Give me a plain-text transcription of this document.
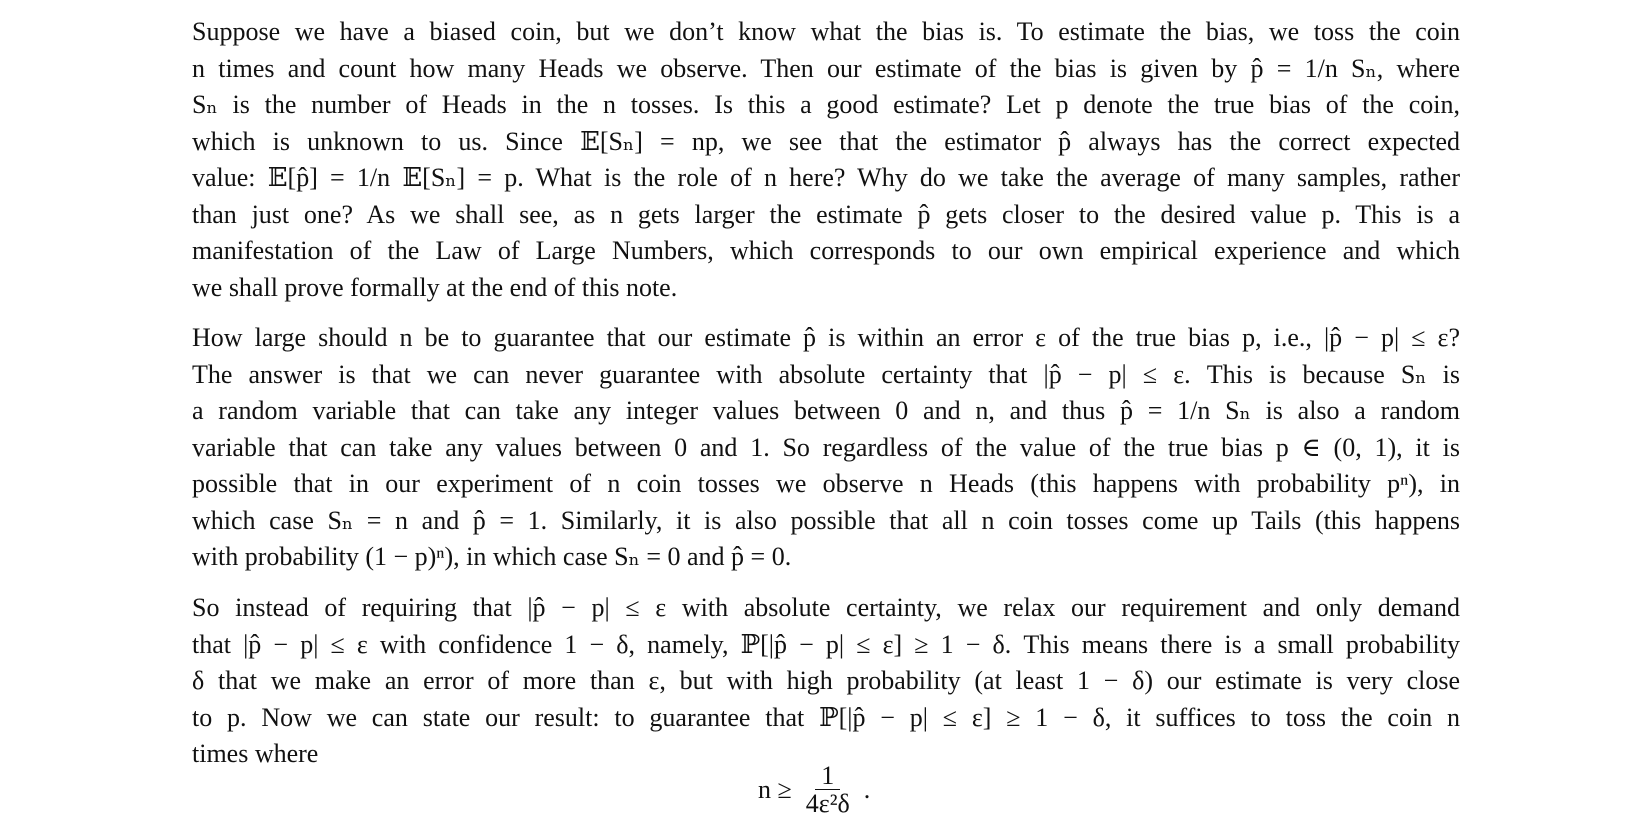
Suppose we have a biased coin, but we don’t know what the bias is. To estimate the bias, we toss the coin
n times and count how many Heads we observe. Then our estimate of the bias is given by p̂ = 1/n Sₙ, where
Sₙ is the number of Heads in the n tosses. Is this a good estimate? Let p denote the true bias of the coin,
which is unknown to us. Since 𝔼[Sₙ] = np, we see that the estimator p̂ always has the correct expected
value: 𝔼[p̂] = 1/n 𝔼[Sₙ] = p. What is the role of n here? Why do we take the average of many samples, rather
than just one? As we shall see, as n gets larger the estimate p̂ gets closer to the desired value p. This is a
manifestation of the Law of Large Numbers, which corresponds to our own empirical experience and which
we shall prove formally at the end of this note.
How large should n be to guarantee that our estimate p̂ is within an error ε of the true bias p, i.e., |p̂ − p| ≤ ε?
The answer is that we can never guarantee with absolute certainty that |p̂ − p| ≤ ε. This is because Sₙ is
a random variable that can take any integer values between 0 and n, and thus p̂ = 1/n Sₙ is also a random
variable that can take any values between 0 and 1. So regardless of the value of the true bias p ∈ (0, 1), it is
possible that in our experiment of n coin tosses we observe n Heads (this happens with probability pⁿ), in
which case Sₙ = n and p̂ = 1. Similarly, it is also possible that all n coin tosses come up Tails (this happens
with probability (1 − p)ⁿ), in which case Sₙ = 0 and p̂ = 0.
So instead of requiring that |p̂ − p| ≤ ε with absolute certainty, we relax our requirement and only demand
that |p̂ − p| ≤ ε with confidence 1 − δ, namely, ℙ[|p̂ − p| ≤ ε] ≥ 1 − δ. This means there is a small probability
δ that we make an error of more than ε, but with high probability (at least 1 − δ) our estimate is very close
to p. Now we can state our result: to guarantee that ℙ[|p̂ − p| ≤ ε] ≥ 1 − δ, it suffices to toss the coin n
times where
$n \ge \frac{1}{\text{4ε²δ}}$ .
